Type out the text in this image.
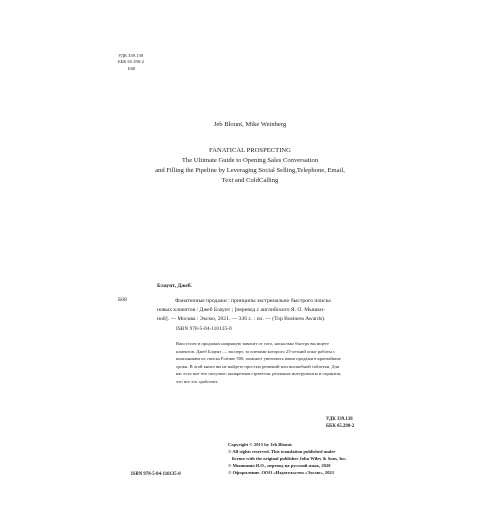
УДК 339.138
ББК 65.290-2
Б68
Jeb Blount, Mike Weinberg
FANATICAL PROSPECTING
The Ultimate Guide to Opening Sales Conversation
and Filling the Pipeline by Leveraging Social Selling,Telephone, Email,
Text and ColdCalling
Блаунт, Джеб.
Б68	Фанатичные продажи : принципы экстремально быстрого поиска
новых клиентов / Джеб Блаунт ; [перевод с английского Я. О. Мышки-
ной]. — Москва : Эксмо, 2021. — 336 с. : ил. — (Top Business Awards).
ISBN 978-5-04-110135-0
Ваш успех в продажах напрямую зависит от того, насколько быстро вы ищете
клиентов. Джеб Блаунт — эксперт, за плечами которого 25-летний опыт работы с
компаниями из списка Fortune 500, поможет увеличить ваши продажи в кратчайшие
сроки. В этой книге вы не найдете простых решений или волшебной таблетки. Для
вас есть кое-что получше: конкретная стратегия, реальные инструменты и гарантия,
что все это сработает.
УДК 339.138
ББК 65.290-2
Copyright © 2015 by Jeb Blount.
© All rights reserved. This translation published under
license with the original publisher John Wiley & Sons, Inc.
© Мышкина Я.О., перевод на русский язык, 2020
© Оформление. ООО «Издательство «Эксмо», 2021
ISBN 978-5-04-110135-0
